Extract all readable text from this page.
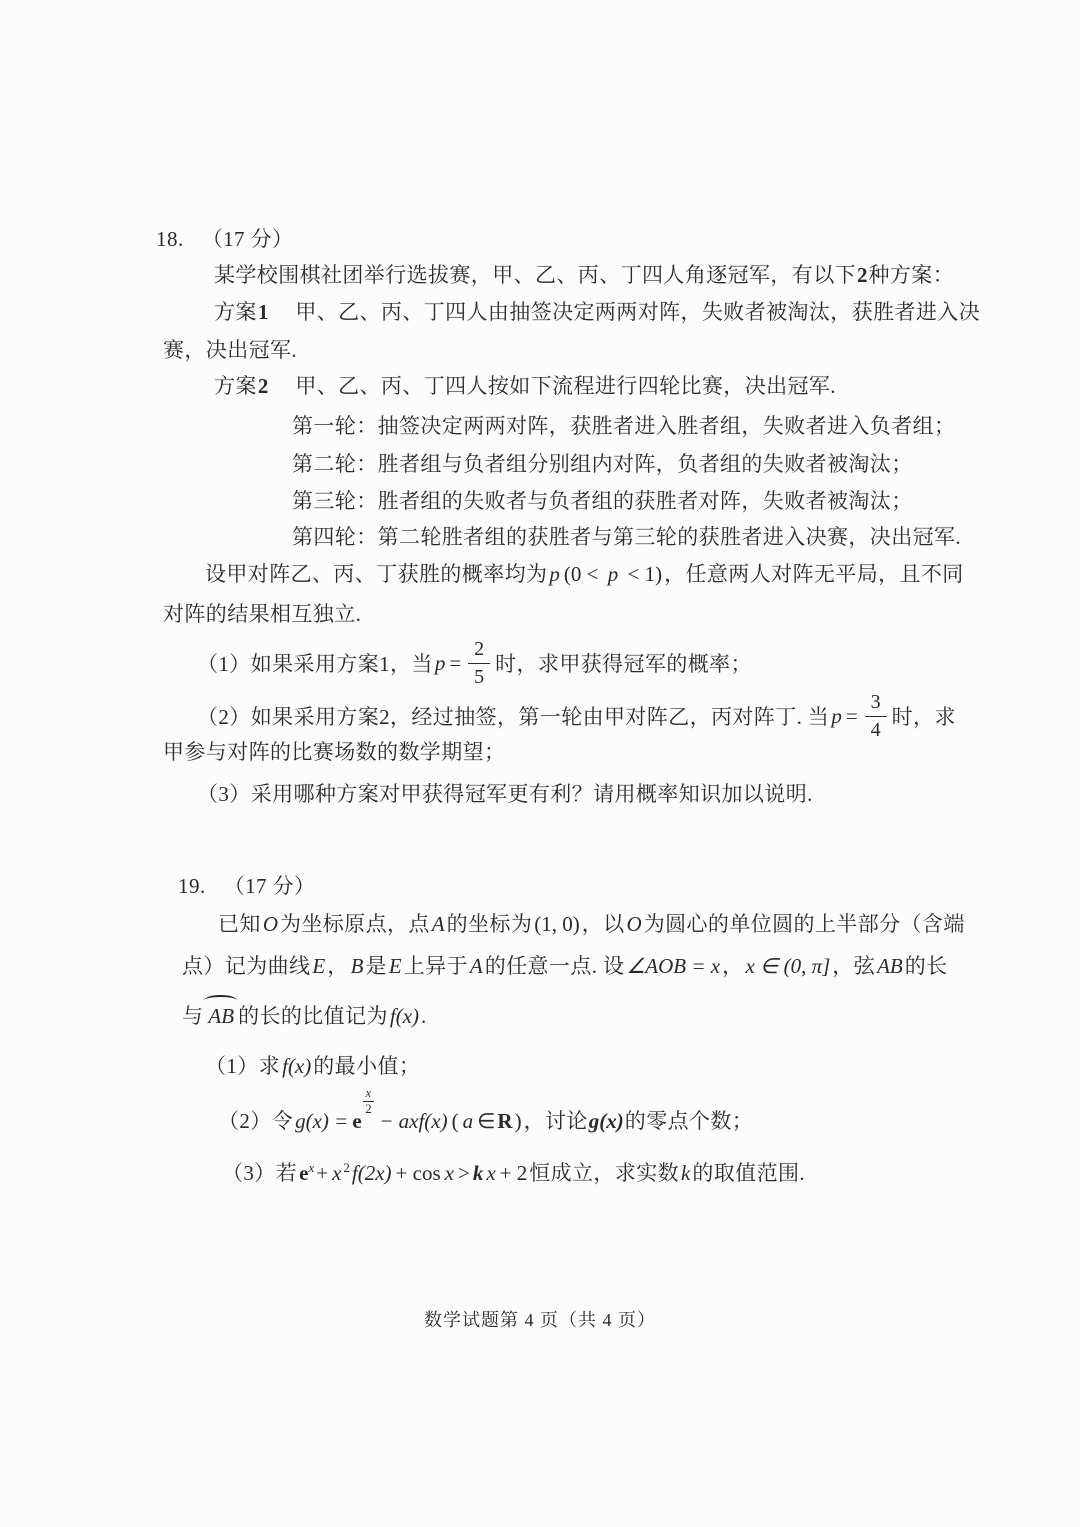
18. （17 分）
某学校围棋社团举行选拔赛，甲、乙、丙、丁四人角逐冠军，有以下2种方案：
方案1 甲、乙、丙、丁四人由抽签决定两两对阵，失败者被淘汰，获胜者进入决
赛，决出冠军.
方案2 甲、乙、丙、丁四人按如下流程进行四轮比赛，决出冠军.
第一轮：抽签决定两两对阵，获胜者进入胜者组，失败者进入负者组；
第二轮：胜者组与负者组分别组内对阵，负者组的失败者被淘汰；
第三轮：胜者组的失败者与负者组的获胜者对阵，失败者被淘汰；
第四轮：第二轮胜者组的获胜者与第三轮的获胜者进入决赛，决出冠军.
设甲对阵乙、丙、丁获胜的概率均为p (0 < p < 1)，任意两人对阵无平局，且不同
对阵的结果相互独立.
（1）如果采用方案1，当 $p = \frac{2}{5}$ 时，求甲获得冠军的概率；
（2）如果采用方案2，经过抽签，第一轮由甲对阵乙，丙对阵丁. 当 $p = \frac{3}{4}$ 时，求
甲参与对阵的比赛场数的数学期望；
（3）采用哪种方案对甲获得冠军更有利？请用概率知识加以说明.
19. （17 分）
已知O为坐标原点，点A的坐标为(1, 0)，以O为圆心的单位圆的上半部分（含端
点）记为曲线E，B是E上异于A的任意一点. 设∠AOB = x，x ∈ (0, π]，弦AB的长
与 AB 的长的比值记为f(x).
（1）求f(x)的最小值；
（2）令g(x) = e
$\frac{x}{2}$
− axf(x) ( a ∈R)，讨论g(x)的零点个数；
（3）若$e^x+ x$ $^2$f(2x) + cos x > k x + 2恒成立，求实数k的取值范围.
数学试题第 4 页（共 4 页）
